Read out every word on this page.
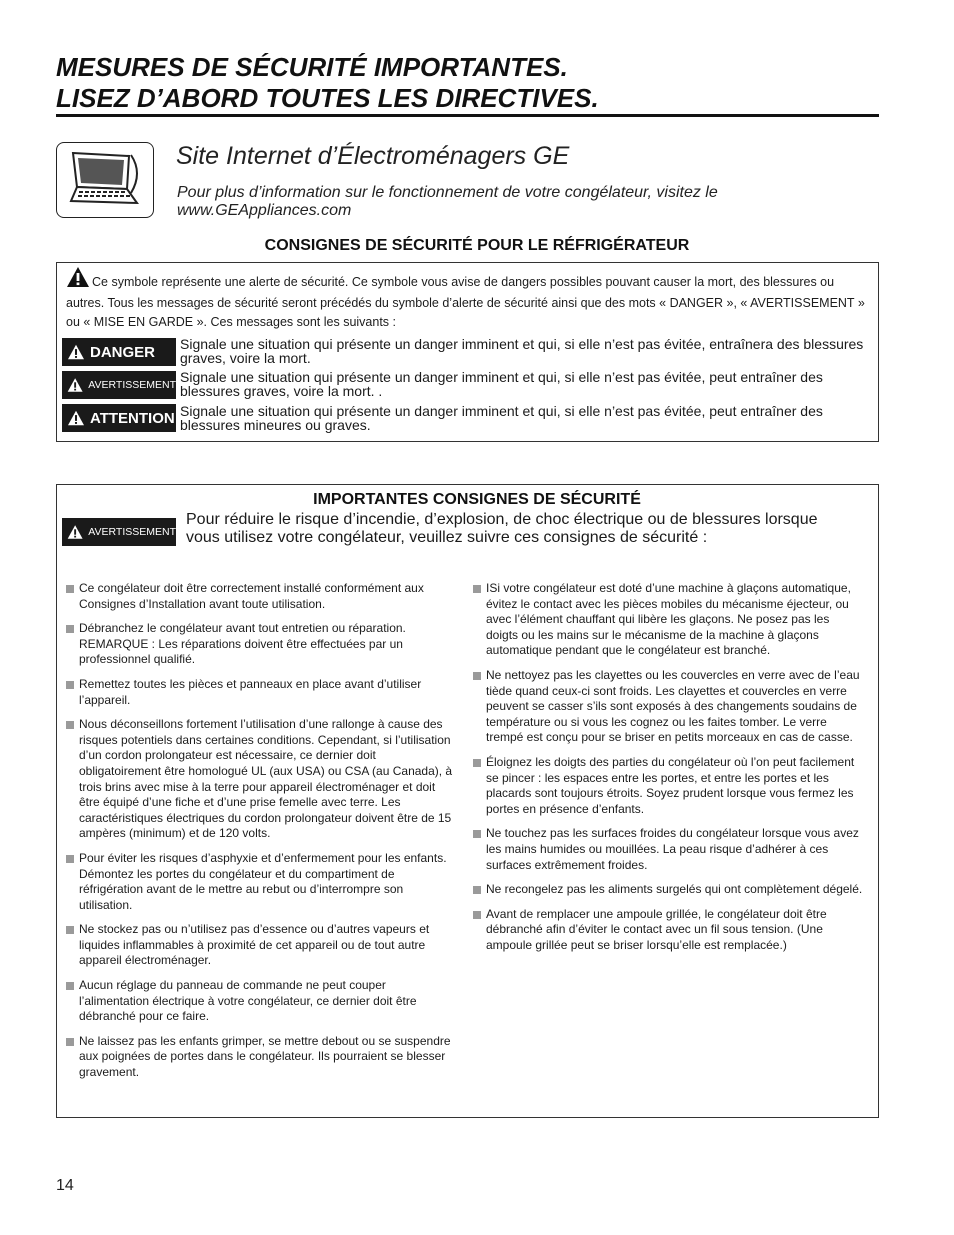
MESURES DE SÉCURITÉ IMPORTANTES.
LISEZ D’ABORD TOUTES LES DIRECTIVES.
Site Internet d’Électroménagers GE
Pour plus d’information sur le fonctionnement de votre congélateur, visitez le www.GEAppliances.com
CONSIGNES DE SÉCURITÉ POUR LE RÉFRIGÉRATEUR
Ce symbole représente une alerte de sécurité. Ce symbole vous avise de dangers possibles pouvant causer la mort, des blessures ou autres. Tous les messages de sécurité seront précédés du symbole d’alerte de sécurité ainsi que des mots « DANGER », « AVERTISSEMENT » ou « MISE EN GARDE ». Ces messages sont les suivants :
DANGER Signale une situation qui présente un danger imminent et qui, si elle n’est pas évitée, entraînera des blessures graves, voire la mort.
AVERTISSEMENT Signale une situation qui présente un danger imminent et qui, si elle n’est pas évitée, peut entraîner des blessures graves, voire la mort. .
ATTENTION Signale une situation qui présente un danger imminent et qui, si elle n’est pas évitée, peut entraîner des blessures mineures ou graves.
IMPORTANTES CONSIGNES DE SÉCURITÉ
AVERTISSEMENT
Pour réduire le risque d’incendie, d’explosion, de choc électrique ou de blessures lorsque vous utilisez votre congélateur, veuillez suivre ces consignes de sécurité :
Ce congélateur doit être correctement installé conformément aux Consignes d’Installation avant toute utilisation.
Débranchez le congélateur avant tout entretien ou réparation. REMARQUE : Les réparations doivent être effectuées par un professionnel qualifié.
Remettez toutes les pièces et panneaux en place avant d’utiliser l’appareil.
Nous déconseillons fortement l’utilisation d’une rallonge à cause des risques potentiels dans certaines conditions. Cependant, si l’utilisation d’un cordon prolongateur est nécessaire, ce dernier doit obligatoirement être homologué UL (aux USA) ou CSA (au Canada), à trois brins avec mise à la terre pour appareil électroménager et doit être équipé d’une fiche et d’une prise femelle avec terre. Les caractéristiques électriques du cordon prolongateur doivent être de 15 ampères (minimum) et de 120 volts.
Pour éviter les risques d’asphyxie et d’enfermement pour les enfants. Démontez les portes du congélateur et du compartiment de réfrigération avant de le mettre au rebut ou d’interrompre son utilisation.
Ne stockez pas ou n’utilisez pas d’essence ou d’autres vapeurs et liquides inflammables à proximité de cet appareil ou de tout autre appareil électroménager.
Aucun réglage du panneau de commande ne peut couper l’alimentation électrique à votre congélateur, ce dernier doit être débranché pour ce faire.
Ne laissez pas les enfants grimper, se mettre debout ou se suspendre aux poignées de portes dans le congélateur. Ils pourraient se blesser gravement.
ISi votre congélateur est doté d’une machine à glaçons automatique, évitez le contact avec les pièces mobiles du mécanisme éjecteur, ou avec l’élément chauffant qui libère les glaçons. Ne posez pas les doigts ou les mains sur le mécanisme de la machine à glaçons automatique pendant que le congélateur est branché.
Ne nettoyez pas les clayettes ou les couvercles en verre avec de l’eau tiède quand ceux-ci sont froids. Les clayettes et couvercles en verre peuvent se casser s’ils sont exposés à des changements soudains de température ou si vous les cognez ou les faites tomber. Le verre trempé est conçu pour se briser en petits morceaux en cas de casse.
Éloignez les doigts des parties du congélateur où l’on peut facilement se pincer : les espaces entre les portes, et entre les portes et les placards sont toujours étroits. Soyez prudent lorsque vous fermez les portes en présence d’enfants.
Ne touchez pas les surfaces froides du congélateur lorsque vous avez les mains humides ou mouillées. La peau risque d’adhérer à ces surfaces extrêmement froides.
Ne recongelez pas les aliments surgelés qui ont complètement dégelé.
Avant de remplacer une ampoule grillée, le congélateur doit être débranché afin d’éviter le contact avec un fil sous tension. (Une ampoule grillée peut se briser lorsqu’elle est remplacée.)
14
